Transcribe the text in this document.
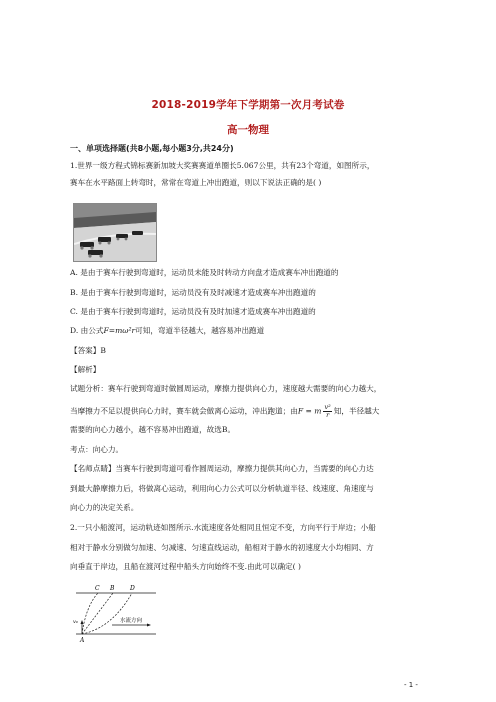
2018-2019学年下学期第一次月考试卷
高一物理
一、单项选择题(共8小题,每小题3分,共24分)
1.世界一级方程式锦标赛新加坡大奖赛赛道单圈长5.067公里，共有23个弯道，如图所示，
赛车在水平路面上转弯时，常常在弯道上冲出跑道，则以下说法正确的是( )
A. 是由于赛车行驶到弯道时，运动员未能及时转动方向盘才造成赛车冲出跑道的
B. 是由于赛车行驶到弯道时，运动员没有及时减速才造成赛车冲出跑道的
C. 是由于赛车行驶到弯道时，运动员没有及时加速才造成赛车冲出跑道的
D. 由公式F=mω²r可知，弯道半径越大，越容易冲出跑道
【答案】B
【解析】
试题分析：赛车行驶到弯道时做圆周运动，摩擦力提供向心力，速度越大需要的向心力越大，
当摩擦力不足以提供向心力时，赛车就会做离心运动，冲出跑道；由F = m $\frac{\text{v²}}{r}$ 知，半径越大
需要的向心力越小，越不容易冲出跑道，故选B。
考点：向心力。
【名师点睛】当赛车行驶到弯道可看作圆周运动，摩擦力提供其向心力，当需要的向心力达
到最大静摩擦力后，将做离心运动，利用向心力公式可以分析轨道半径、线速度、角速度与
向心力的决定关系。
2.一只小船渡河，运动轨迹如图所示.水流速度各处相同且恒定不变，方向平行于岸边；小船
相对于静水分别做匀加速、匀减速、匀速直线运动，船相对于静水的初速度大小均相同、方
向垂直于岸边，且船在渡河过程中船头方向始终不变.由此可以确定( )
C B	D
v₀
A
水流方向
- 1 -
